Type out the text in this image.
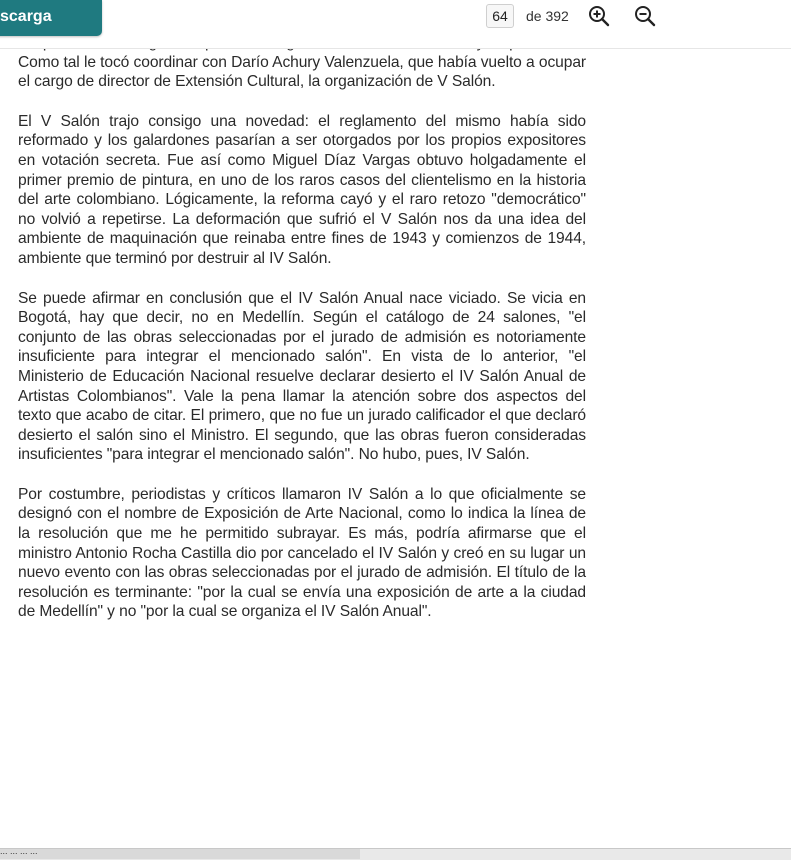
scarga
64	de 392

Como tal le tocó coordinar con Darío Achury Valenzuela, que había vuelto a ocupar el cargo de director de Extensión Cultural, la organización de V Salón.

El V Salón trajo consigo una novedad: el reglamento del mismo había sido reformado y los galardones pasarían a ser otorgados por los propios expositores en votación secreta. Fue así como Miguel Díaz Vargas obtuvo holgadamente el primer premio de pintura, en uno de los raros casos del clientelismo en la historia del arte colombiano. Lógicamente, la reforma cayó y el raro retozo "democrático" no volvió a repetirse. La deformación que sufrió el V Salón nos da una idea del ambiente de maquinación que reinaba entre fines de 1943 y comienzos de 1944, ambiente que terminó por destruir al IV Salón.

Se puede afirmar en conclusión que el IV Salón Anual nace viciado. Se vicia en Bogotá, hay que decir, no en Medellín. Según el catálogo de 24 salones, "el conjunto de las obras seleccionadas por el jurado de admisión es notoriamente insuficiente para integrar el mencionado salón". En vista de lo anterior, "el Ministerio de Educación Nacional resuelve declarar desierto el IV Salón Anual de Artistas Colombianos". Vale la pena llamar la atención sobre dos aspectos del texto que acabo de citar. El primero, que no fue un jurado calificador el que declaró desierto el salón sino el Ministro. El segundo, que las obras fueron consideradas insuficientes "para integrar el mencionado salón". No hubo, pues, IV Salón.

Por costumbre, periodistas y críticos llamaron IV Salón a lo que oficialmente se designó con el nombre de Exposición de Arte Nacional, como lo indica la línea de la resolución que me he permitido subrayar. Es más, podría afirmarse que el ministro Antonio Rocha Castilla dio por cancelado el IV Salón y creó en su lugar un nuevo evento con las obras seleccionadas por el jurado de admisión. El título de la resolución es terminante: "por la cual se envía una exposición de arte a la ciudad de Medellín" y no "por la cual se organiza el IV Salón Anual".

... ... ... ...
